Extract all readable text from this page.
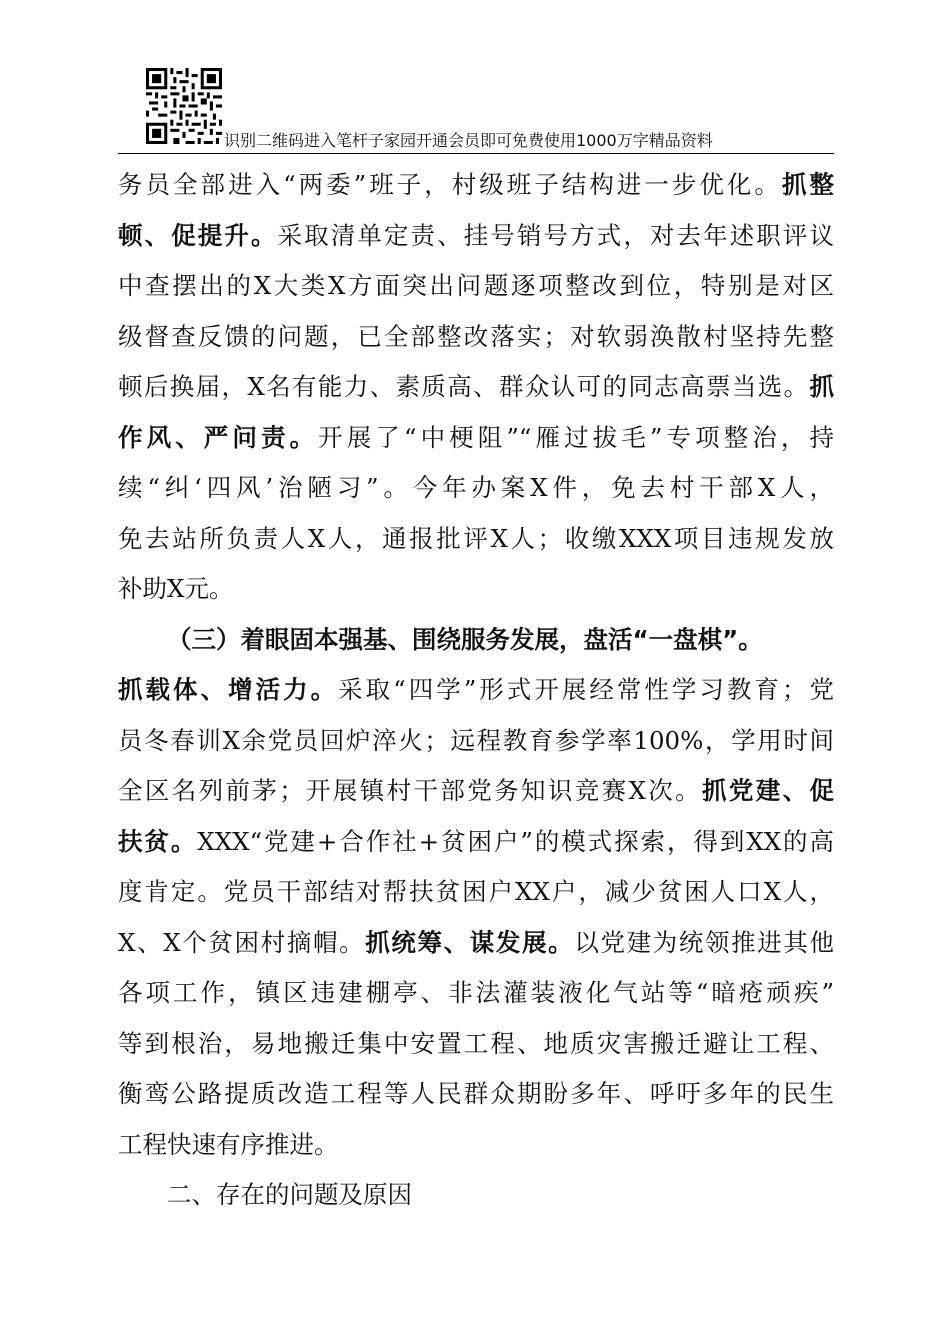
识别二维码进入笔杆子家园开通会员即可免费使用1000万字精品资料
务员全部进入“两委”班子，村级班子结构进一步优化。抓整
顿、促提升。采取清单定责、挂号销号方式，对去年述职评议
中查摆出的X大类X方面突出问题逐项整改到位，特别是对区
级督查反馈的问题，已全部整改落实；对软弱涣散村坚持先整
顿后换届，X名有能力、素质高、群众认可的同志高票当选。抓
作风、严问责。开展了“中梗阻”“雁过拔毛”专项整治，持
续“纠‘四风’治陋习”。今年办案X件，免去村干部X人，
免去站所负责人X人，通报批评X人；收缴XXX项目违规发放
补助X元。
（三）着眼固本强基、围绕服务发展，盘活“一盘棋”。
抓载体、增活力。采取“四学”形式开展经常性学习教育；党
员冬春训X余党员回炉淬火；远程教育参学率100%，学用时间
全区名列前茅；开展镇村干部党务知识竞赛X次。抓党建、促
扶贫。XXX“党建+合作社+贫困户”的模式探索，得到XX的高
度肯定。党员干部结对帮扶贫困户XX户，减少贫困人口X人，
X、X个贫困村摘帽。抓统筹、谋发展。以党建为统领推进其他
各项工作，镇区违建棚亭、非法灌装液化气站等“暗疮顽疾”
等到根治，易地搬迁集中安置工程、地质灾害搬迁避让工程、
衡鸾公路提质改造工程等人民群众期盼多年、呼吁多年的民生
工程快速有序推进。
二、存在的问题及原因
